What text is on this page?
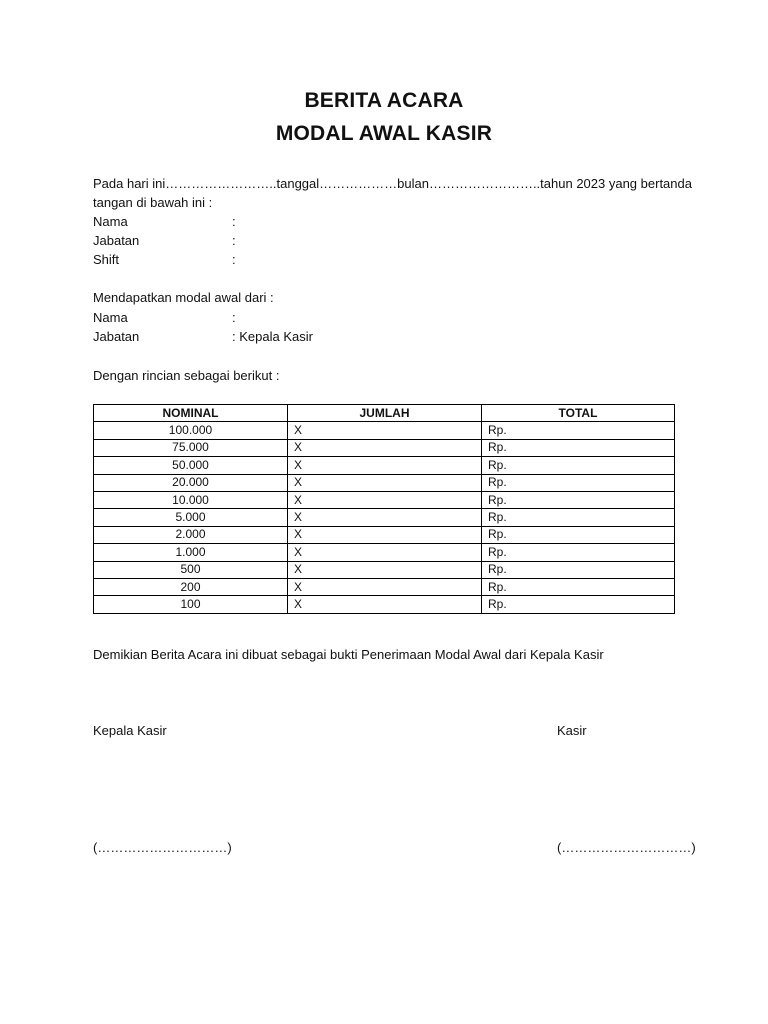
BERITA ACARA
MODAL AWAL KASIR
Pada hari ini……………………..tanggal………………bulan……………………..tahun 2023 yang bertanda
tangan di bawah ini :
Nama	:
Jabatan	:
Shift	:
Mendapatkan modal awal dari :
Nama	:
Jabatan	: Kepala Kasir
Dengan rincian sebagai berikut :
NOMINAL	JUMLAH	TOTAL
100.000	X	Rp.
75.000	X	Rp.
50.000	X	Rp.
20.000	X	Rp.
10.000	X	Rp.
5.000	X	Rp.
2.000	X	Rp.
1.000	X	Rp.
500	X	Rp.
200	X	Rp.
100	X	Rp.
Demikian Berita Acara ini dibuat sebagai bukti Penerimaan Modal Awal dari Kepala Kasir
Kepala Kasir	Kasir
(…………………………)	(…………………………)
